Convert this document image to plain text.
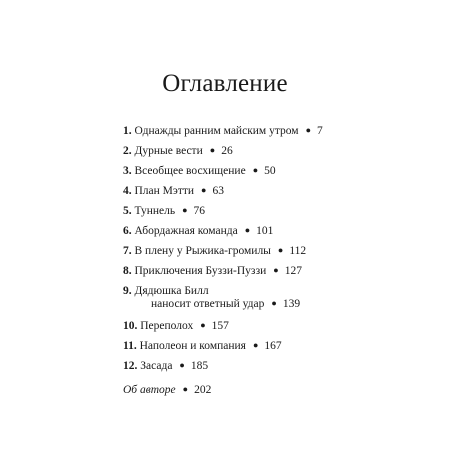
Оглавление
1. Однажды ранним майским утром ● 7
2. Дурные вести ● 26
3. Всеобщее восхищение ● 50
4. План Мэтти ● 63
5. Туннель ● 76
6. Абордажная команда ● 101
7. В плену у Рыжика-громилы ● 112
8. Приключения Буззи-Пуззи ● 127
9. Дядюшка Билл
наносит ответный удар ● 139
10. Переполох ● 157
11. Наполеон и компания ● 167
12. Засада ● 185
Об авторе ● 202
